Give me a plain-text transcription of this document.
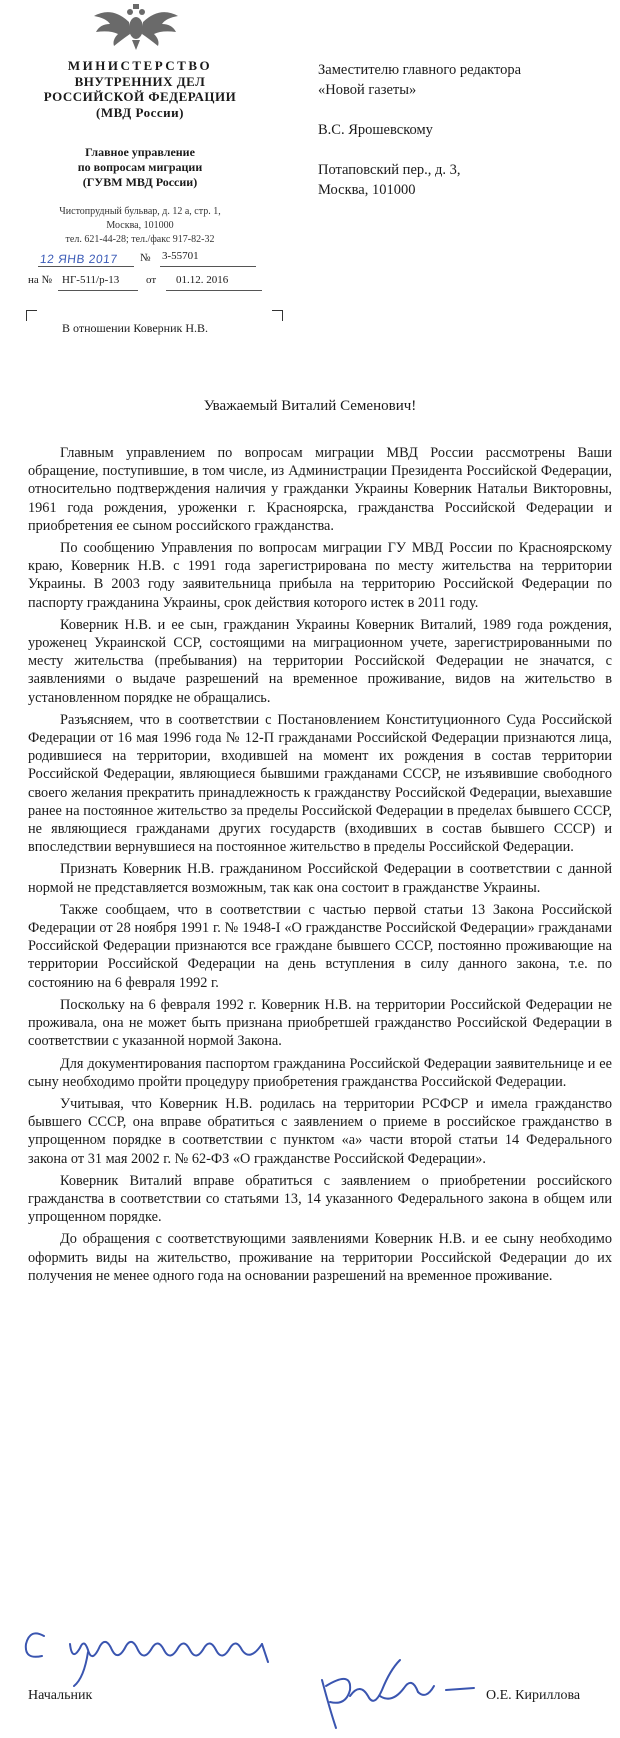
МИНИСТЕРСТВО
ВНУТРЕННИХ ДЕЛ
РОССИЙСКОЙ ФЕДЕРАЦИИ
(МВД России)
Главное управление
по вопросам миграции
(ГУВМ МВД России)
Чистопрудный бульвар, д. 12 а, стр. 1,
Москва, 101000
тел. 621-44-28; тел./факс 917-82-32
12 ЯНВ 2017 № 3-55701
на № НГ-511/р-13 от 01.12. 2016
В отношении Коверник Н.В.
Заместителю главного редактора
«Новой газеты»
В.С. Ярошевскому
Потаповский пер., д. 3,
Москва, 101000
Уважаемый Виталий Семенович!

Главным управлением по вопросам миграции МВД России рассмотрены Ваши обращение, поступившие, в том числе, из Администрации Президента Российской Федерации, относительно подтверждения наличия у гражданки Украины Коверник Натальи Викторовны, 1961 года рождения, уроженки г. Красноярска, гражданства Российской Федерации и приобретения ее сыном российского гражданства.

По сообщению Управления по вопросам миграции ГУ МВД России по Красноярскому краю, Коверник Н.В. с 1991 года зарегистрирована по месту жительства на территории Украины. В 2003 году заявительница прибыла на территорию Российской Федерации по паспорту гражданина Украины, срок действия которого истек в 2011 году.

Коверник Н.В. и ее сын, гражданин Украины Коверник Виталий, 1989 года рождения, уроженец Украинской ССР, состоящими на миграционном учете, зарегистрированными по месту жительства (пребывания) на территории Российской Федерации не значатся, с заявлениями о выдаче разрешений на временное проживание, видов на жительство в установленном порядке не обращались.

Разъясняем, что в соответствии с Постановлением Конституционного Суда Российской Федерации от 16 мая 1996 года № 12-П гражданами Российской Федерации признаются лица, родившиеся на территории, входившей на момент их рождения в состав территории Российской Федерации, являющиеся бывшими гражданами СССР, не изъявившие свободного своего желания прекратить принадлежность к гражданству Российской Федерации, выехавшие ранее на постоянное жительство за пределы Российской Федерации в пределах бывшего СССР, не являющиеся гражданами других государств (входивших в состав бывшего СССР) и впоследствии вернувшиеся на постоянное жительство в пределы Российской Федерации.

Признать Коверник Н.В. гражданином Российской Федерации в соответствии с данной нормой не представляется возможным, так как она состоит в гражданстве Украины.

Также сообщаем, что в соответствии с частью первой статьи 13 Закона Российской Федерации от 28 ноября 1991 г. № 1948-I «О гражданстве Российской Федерации» гражданами Российской Федерации признаются все граждане бывшего СССР, постоянно проживающие на территории Российской Федерации на день вступления в силу данного закона, т.е. по состоянию на 6 февраля 1992 г.

Поскольку на 6 февраля 1992 г. Коверник Н.В. на территории Российской Федерации не проживала, она не может быть признана приобретшей гражданство Российской Федерации в соответствии с указанной нормой Закона.

Для документирования паспортом гражданина Российской Федерации заявительнице и ее сыну необходимо пройти процедуру приобретения гражданства Российской Федерации.

Учитывая, что Коверник Н.В. родилась на территории РСФСР и имела гражданство бывшего СССР, она вправе обратиться с заявлением о приеме в российское гражданство в упрощенном порядке в соответствии с пунктом «а» части второй статьи 14 Федерального закона от 31 мая 2002 г. № 62-ФЗ «О гражданстве Российской Федерации».

Коверник Виталий вправе обратиться с заявлением о приобретении российского гражданства в соответствии со статьями 13, 14 указанного Федерального закона в общем или упрощенном порядке.

До обращения с соответствующими заявлениями Коверник Н.В. и ее сыну необходимо оформить виды на жительство, проживание на территории Российской Федерации до их получения не менее одного года на основании разрешений на временное проживание.

Начальник	О.Е. Кириллова
